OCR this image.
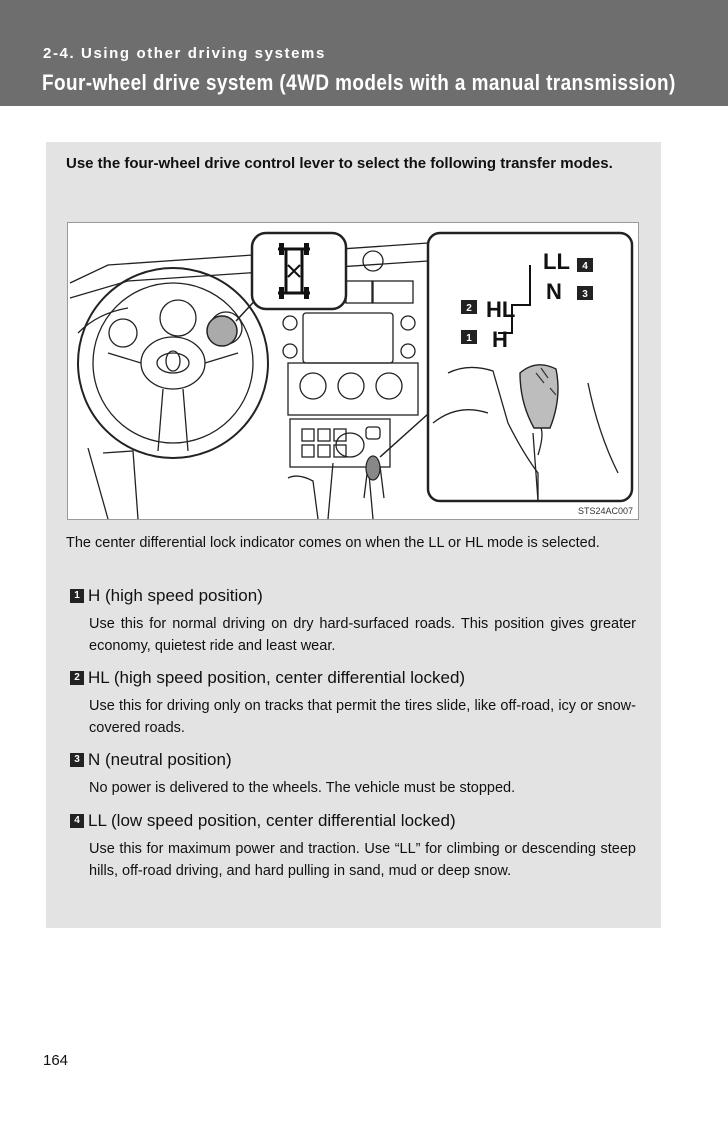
2-4. Using other driving systems
Four-wheel drive system (4WD models with a manual transmission)
Use the four-wheel drive control lever to select the following transfer modes.
LL
N
HL
H
4
3
2
1
STS24AC007
The center differential lock indicator comes on when the LL or HL mode is selected.
1 H (high speed position)
Use this for normal driving on dry hard-surfaced roads. This position gives greater economy, quietest ride and least wear.
2 HL (high speed position, center differential locked)
Use this for driving only on tracks that permit the tires slide, like off-road, icy or snow-covered roads.
3 N (neutral position)
No power is delivered to the wheels. The vehicle must be stopped.
4 LL (low speed position, center differential locked)
Use this for maximum power and traction. Use “LL” for climbing or descending steep hills, off-road driving, and hard pulling in sand, mud or deep snow.
164
